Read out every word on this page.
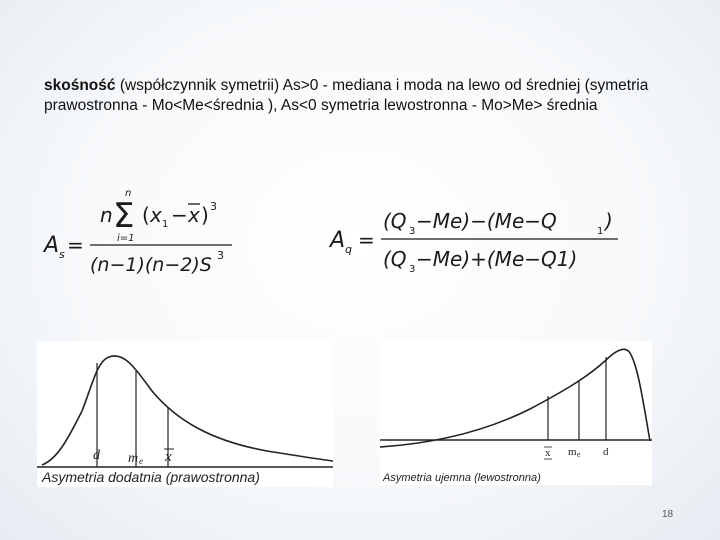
skośność (współczynnik symetrii) As>0 - mediana i moda na lewo od średniej (symetria prawostronna - Mo<Me<średnia ), As<0 symetria lewostronna - Mo>Me> średnia
A s =
n
n
Σ
i=1
( x 1 − x ) 3
(n−1)(n−2)S 3
A q =
(Q 3 −Me)−(Me−Q	1 )
(Q 3 −Me)+(Me−Q1)
d m e x
Asymetria dodatnia (prawostronna)
x m e d
Asymetria ujemna (lewostronna)
18
